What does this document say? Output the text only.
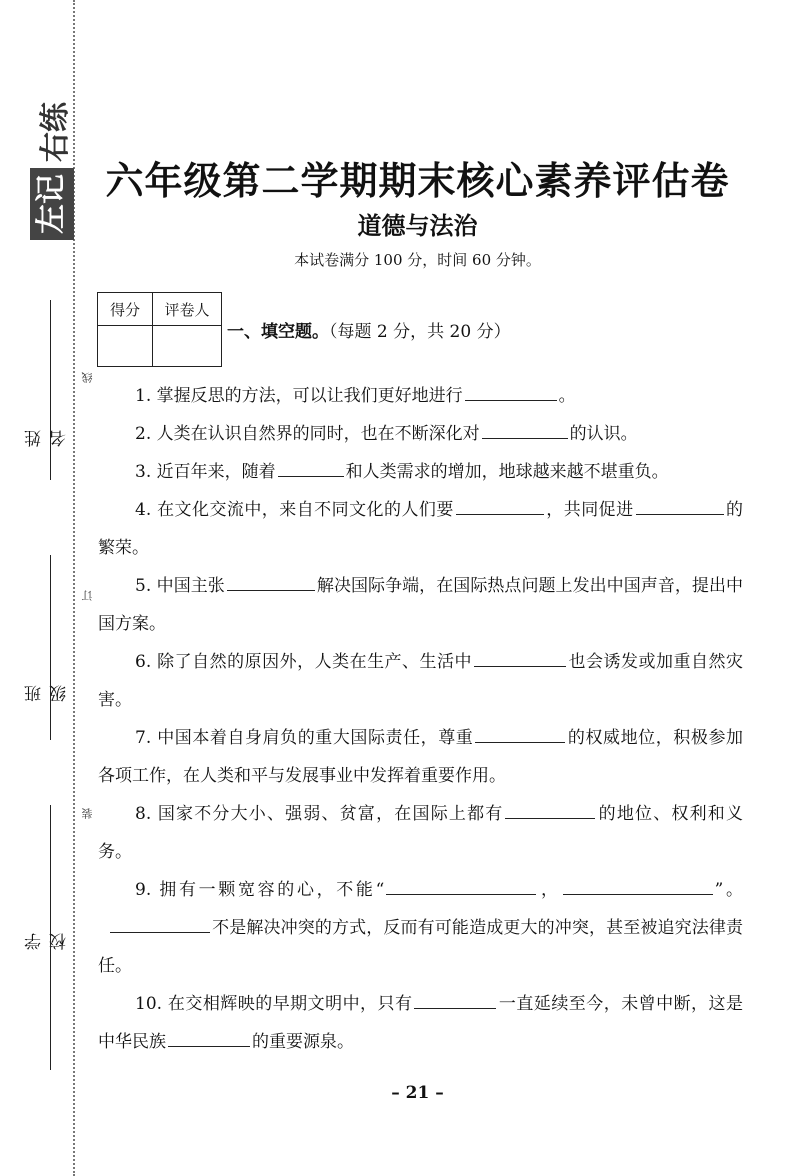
左记
右练
姓名
班级
学校
线
订
装
六年级第二学期期末核心素养评估卷
道德与法治
本试卷满分 100 分，时间 60 分钟。
得分	评卷人

一、填空题。（每题 2 分，共 20 分）

1. 掌握反思的方法，可以让我们更好地进行	。

2. 人类在认识自然界的同时，也在不断深化对	的认识。

3. 近百年来，随着	和人类需求的增加，地球越来越不堪重负。

4. 在文化交流中，来自不同文化的人们要	，共同促进	的繁荣。

5. 中国主张	解决国际争端，在国际热点问题上发出中国声音，提出中国方案。

6. 除了自然的原因外，人类在生产、生活中	也会诱发或加重自然灾害。

7. 中国本着自身肩负的重大国际责任，尊重	的权威地位，积极参加各项工作，在人类和平与发展事业中发挥着重要作用。

8. 国家不分大小、强弱、贫富，在国际上都有	的地位、权利和义务。

9. 拥有一颗宽容的心，不能“	，	”。不是解决冲突的方式，反而有可能造成更大的冲突，甚至被追究法律责任。

10. 在交相辉映的早期文明中，只有	一直延续至今，未曾中断，这是中华民族	的重要源泉。

– 21 –
